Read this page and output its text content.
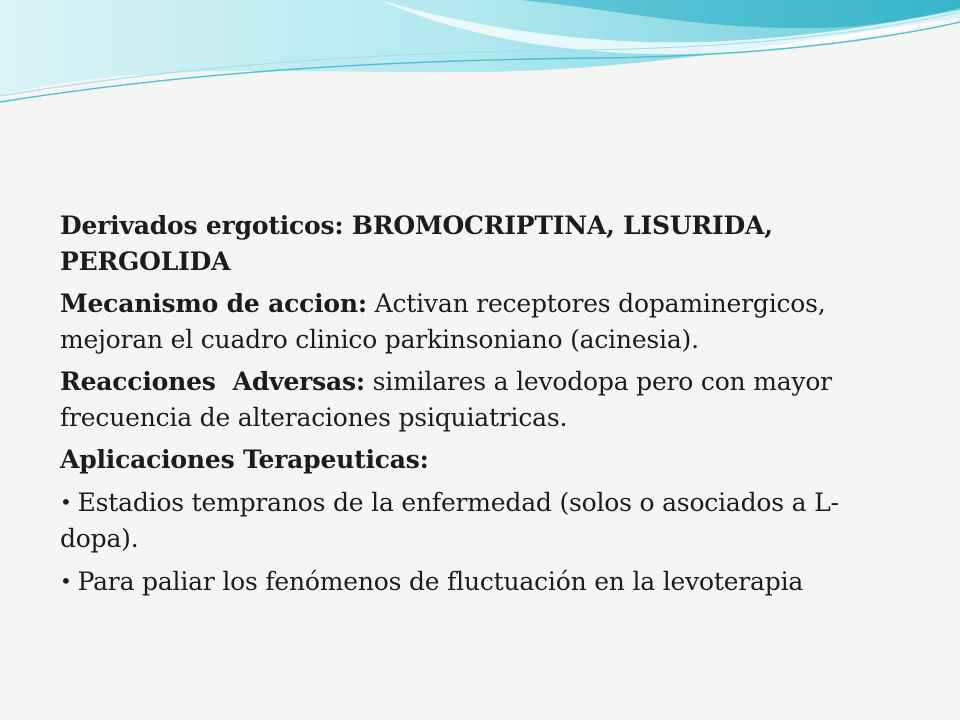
Derivados ergoticos: BROMOCRIPTINA, LISURIDA, PERGOLIDA

Mecanismo de accion: Activan receptores dopaminergicos, mejoran el cuadro clinico parkinsoniano (acinesia).

Reacciones  Adversas: similares a levodopa pero con mayor frecuencia de alteraciones psiquiatricas.

Aplicaciones Terapeuticas:

• Estadios tempranos de la enfermedad (solos o asociados a L-dopa).

• Para paliar los fenómenos de fluctuación en la levoterapia
